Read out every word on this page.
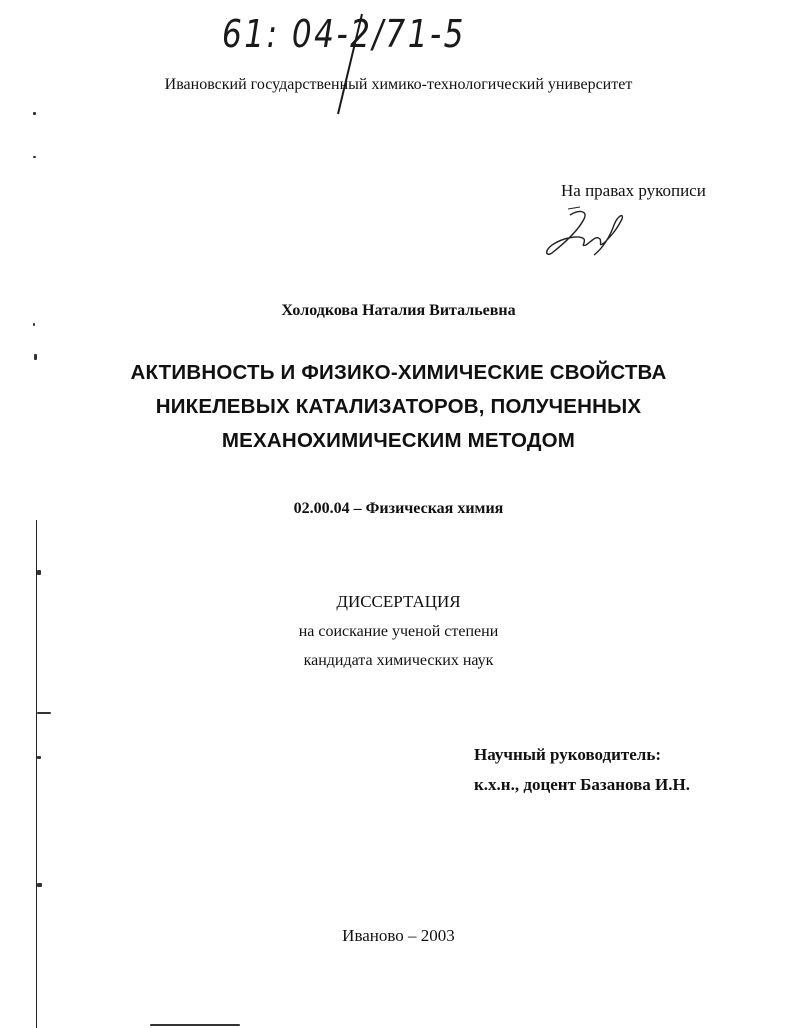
61: 04-2/71-5
Ивановский государственный химико-технологический университет
На правах рукописи
Холодкова Наталия Витальевна
АКТИВНОСТЬ И ФИЗИКО-ХИМИЧЕСКИЕ СВОЙСТВА
НИКЕЛЕВЫХ КАТАЛИЗАТОРОВ, ПОЛУЧЕННЫХ
МЕХАНОХИМИЧЕСКИМ МЕТОДОМ
02.00.04 – Физическая химия
ДИССЕРТАЦИЯ
на соискание ученой степени
кандидата химических наук
Научный руководитель:
к.х.н., доцент Базанова И.Н.
Иваново – 2003
